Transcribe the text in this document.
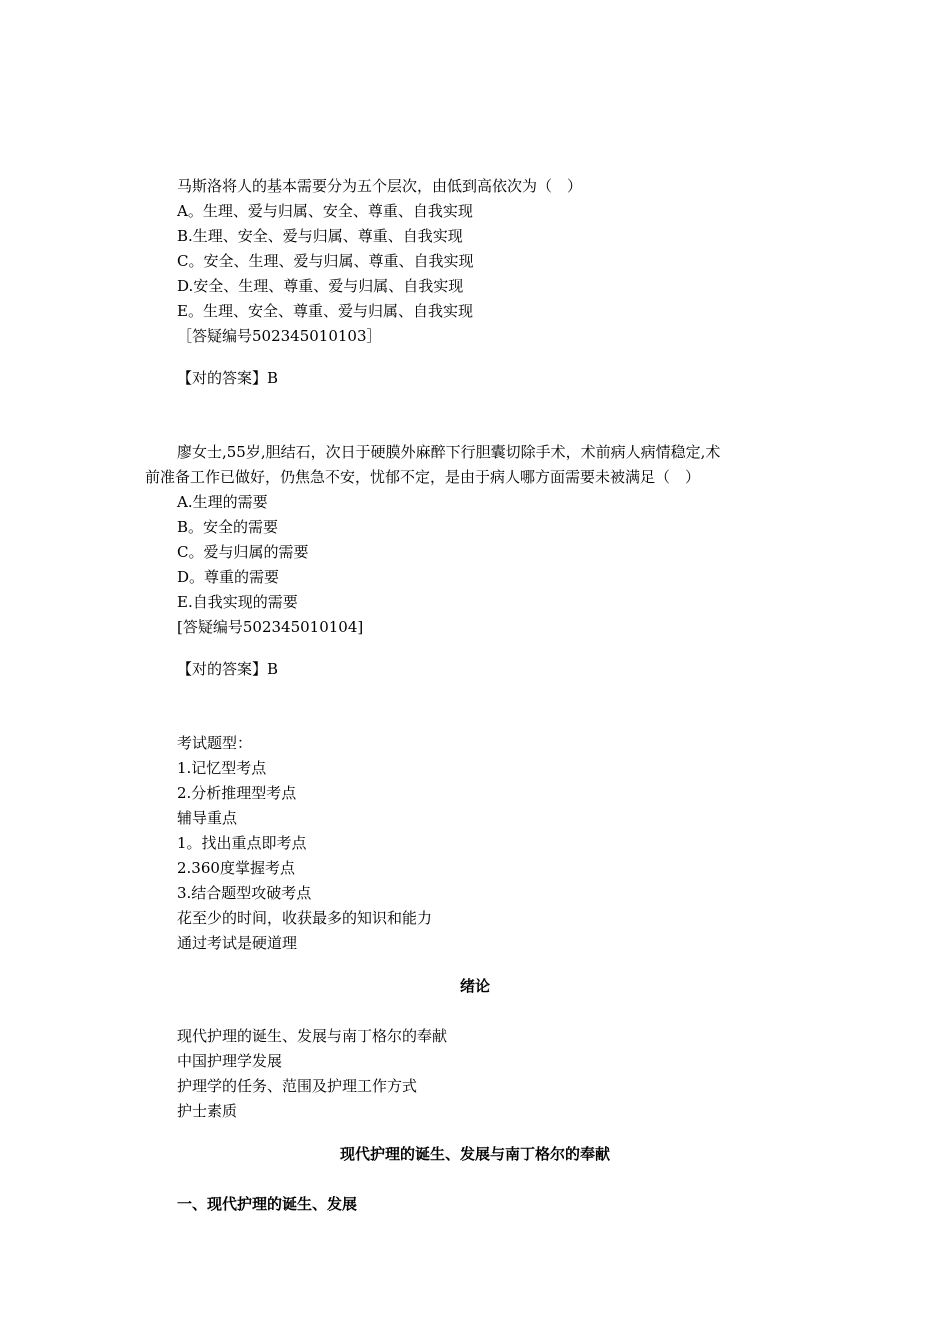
马斯洛将人的基本需要分为五个层次，由低到高依次为（　）
A。生理、爱与归属、安全、尊重、自我实现
B.生理、安全、爱与归属、尊重、自我实现
C。安全、生理、爱与归属、尊重、自我实现
D.安全、生理、尊重、爱与归属、自我实现
E。生理、安全、尊重、爱与归属、自我实现
［答疑编号502345010103］
【对的答案】B
廖女士,55岁,胆结石，次日于硬膜外麻醉下行胆囊切除手术，术前病人病情稳定,术
前准备工作已做好，仍焦急不安，忧郁不定，是由于病人哪方面需要未被满足（　）
A.生理的需要
B。安全的需要
C。爱与归属的需要
D。尊重的需要
E.自我实现的需要
[答疑编号502345010104]
【对的答案】B
考试题型：
1.记忆型考点
2.分析推理型考点
辅导重点
1。找出重点即考点
2.360度掌握考点
3.结合题型攻破考点
花至少的时间，收获最多的知识和能力
通过考试是硬道理
绪论
现代护理的诞生、发展与南丁格尔的奉献
中国护理学发展
护理学的任务、范围及护理工作方式
护士素质
现代护理的诞生、发展与南丁格尔的奉献
一、现代护理的诞生、发展
